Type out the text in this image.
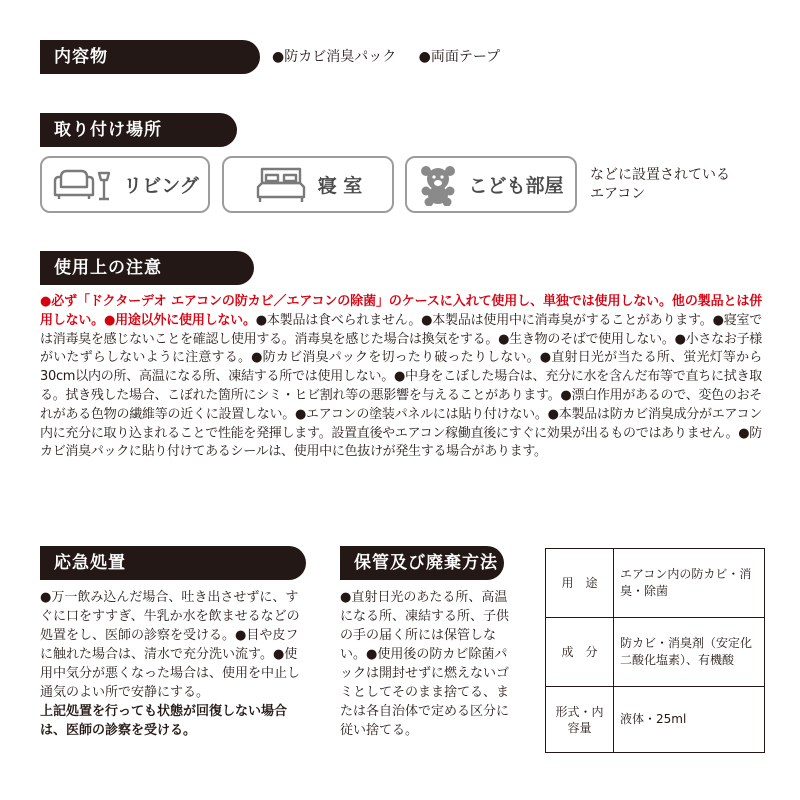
内容物	●防カビ消臭パック ●両面テープ
取り付け場所
リビング	寝 室	こども部屋 などに設置されている
エアコン
使用上の注意
●必ず「ドクターデオ エアコンの防カビ／エアコンの除菌」のケースに入れて使用し、単独では使用しない。他の製品とは併用しない。●用途以外に使用しない。●本製品は食べられません。●本製品は使用中に消毒臭がすることがあります。●寝室では消毒臭を感じないことを確認し使用する。消毒臭を感じた場合は換気をする。●生き物のそばで使用しない。●小さなお子様がいたずらしないように注意する。●防カビ消臭パックを切ったり破ったりしない。●直射日光が当たる所、蛍光灯等から30cm以内の所、高温になる所、凍結する所では使用しない。●中身をこぼした場合は、充分に水を含んだ布等で直ちに拭き取る。拭き残した場合、こぼれた箇所にシミ・ヒビ割れ等の悪影響を与えることがあります。●漂白作用があるので、変色のおそれがある色物の繊維等の近くに設置しない。●エアコンの塗装パネルには貼り付けない。●本製品は防カビ消臭成分がエアコン内に充分に取り込まれることで性能を発揮します。設置直後やエアコン稼働直後にすぐに効果が出るものではありません。●防カビ消臭パックに貼り付けてあるシールは、使用中に色抜けが発生する場合があります。
応急処置
●万一飲み込んだ場合、吐き出させずに、すぐに口をすすぎ、牛乳か水を飲ませるなどの処置をし、医師の診察を受ける。●目や皮フに触れた場合は、清水で充分洗い流す。●使用中気分が悪くなった場合は、使用を中止し通気のよい所で安静にする。
上記処置を行っても状態が回復しない場合は、医師の診察を受ける。
保管及び廃棄方法
●直射日光のあたる所、高温になる所、凍結する所、子供の手の届く所には保管しない。●使用後の防カビ除菌パックは開封せずに燃えないゴミとしてそのまま捨てる、または各自治体で定める区分に従い捨てる。
用　途	エアコン内の防カビ・消臭・除菌
成　分	防カビ・消臭剤（安定化二酸化塩素）、有機酸
形式・内容量	液体・25ml
